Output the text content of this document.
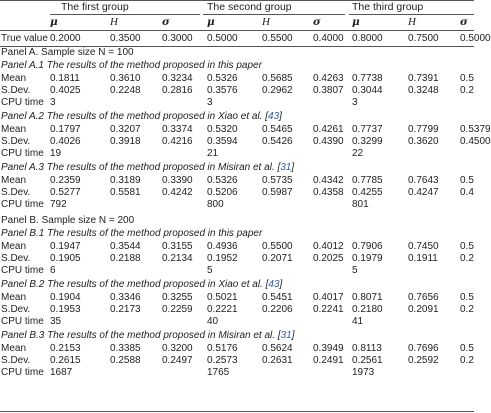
The first group	The second group	The third group
μ	H	σ	μ	H	σ	μ	H	σ
True value 0.2000	0.3500 0.3000 0.5000 0.5500 0.4000 0.8000	0.7500 0.5000
Panel A. Sample size N = 100
Panel A.1 The results of the method proposed in this paper
Mean 0.1811	0.3610 0.3234 0.5326 0.5685 0.4263 0.7738	0.7391 0.5
S.Dev. 0.4025	0.2248 0.2816 0.3576 0.2962 0.3807 0.3044	0.3248 0.2
CPU time 3	3	3
Panel A.2 The results of the method proposed in Xiao et al. [43]
Mean 0.1797	0.3207 0.3374 0.5320 0.5465 0.4261 0.7737	0.7799 0.5379
S.Dev. 0.4026	0.3918 0.4216 0.3594 0.5426 0.4390 0.3299	0.3620 0.4500
CPU time 19	21	22
Panel A.3 The results of the method proposed in Misiran et al. [31]
Mean 0.2359	0.3189 0.3390 0.5326 0.5735 0.4342 0.7785	0.7643 0.5
S.Dev. 0.5277	0.5581 0.4242 0.5206 0.5987 0.4358 0.4255	0.4247 0.4
CPU time 792	800	801
Panel B. Sample size N = 200
Panel B.1 The results of the method proposed in this paper
Mean 0.1947	0.3544 0.3155 0.4936 0.5500 0.4012 0.7906	0.7450 0.5
S.Dev. 0.1905	0.2188 0.2134 0.1952 0.2071 0.2025 0.1979	0.1911 0.2
CPU time 6	5	5
Panel B.2 The results of the method proposed in Xiao et al. [43]
Mean 0.1904	0.3346 0.3255 0.5021 0.5451 0.4017 0.8071	0.7656 0.5
S.Dev. 0.1953	0.2173 0.2259 0.2221 0.2206 0.2241 0.2180	0.2091 0.2
CPU time 35	40	41
Panel B.3 The results of the method proposed in Misiran et al. [31]
Mean 0.2153	0.3385 0.3200 0.5176 0.5624 0.3949 0.8113	0.7696 0.5
S.Dev. 0.2615	0.2588 0.2497 0.2573 0.2631 0.2491 0.2561	0.2592 0.2
CPU time 1687	1765	1973
